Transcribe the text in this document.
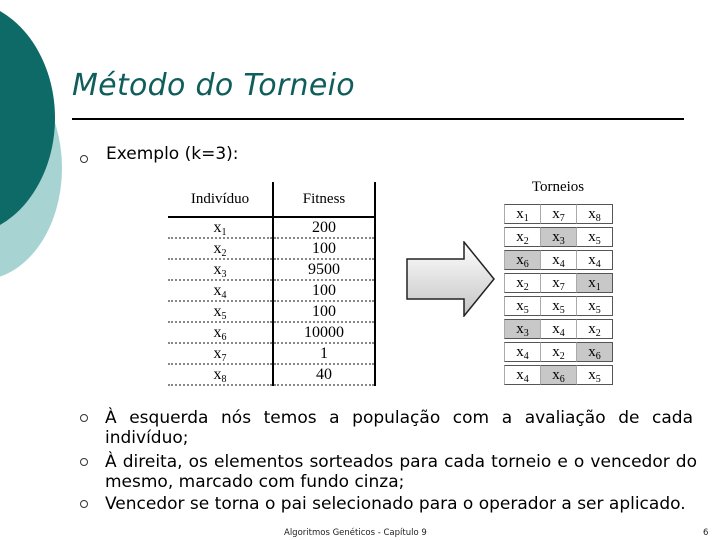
Método do Torneio
Exemplo (k=3):
Indivíduo	Fitness
$x_1$	200
$x_2$	100
$x_3$	9500
$x_4$	100
$x_5$	100
$x_6$	10000
$x_7$	1
$x_8$	40
Torneios
$x_1$	$x_7$	$x_8$
$x_2$	$x_3$	$x_5$
$x_6$	$x_4$	$x_4$
$x_2$	$x_7$	$x_1$
$x_5$	$x_5$	$x_5$
$x_3$	$x_4$	$x_2$
$x_4$	$x_2$	$x_6$
$x_4$	$x_6$	$x_5$
À esquerda nós temos a população com a avaliação de cada indivíduo;
À direita, os elementos sorteados para cada torneio e o vencedor do mesmo, marcado com fundo cinza;
Vencedor se torna o pai selecionado para o operador a ser aplicado.
Algoritmos Genéticos - Capítulo 9	6
